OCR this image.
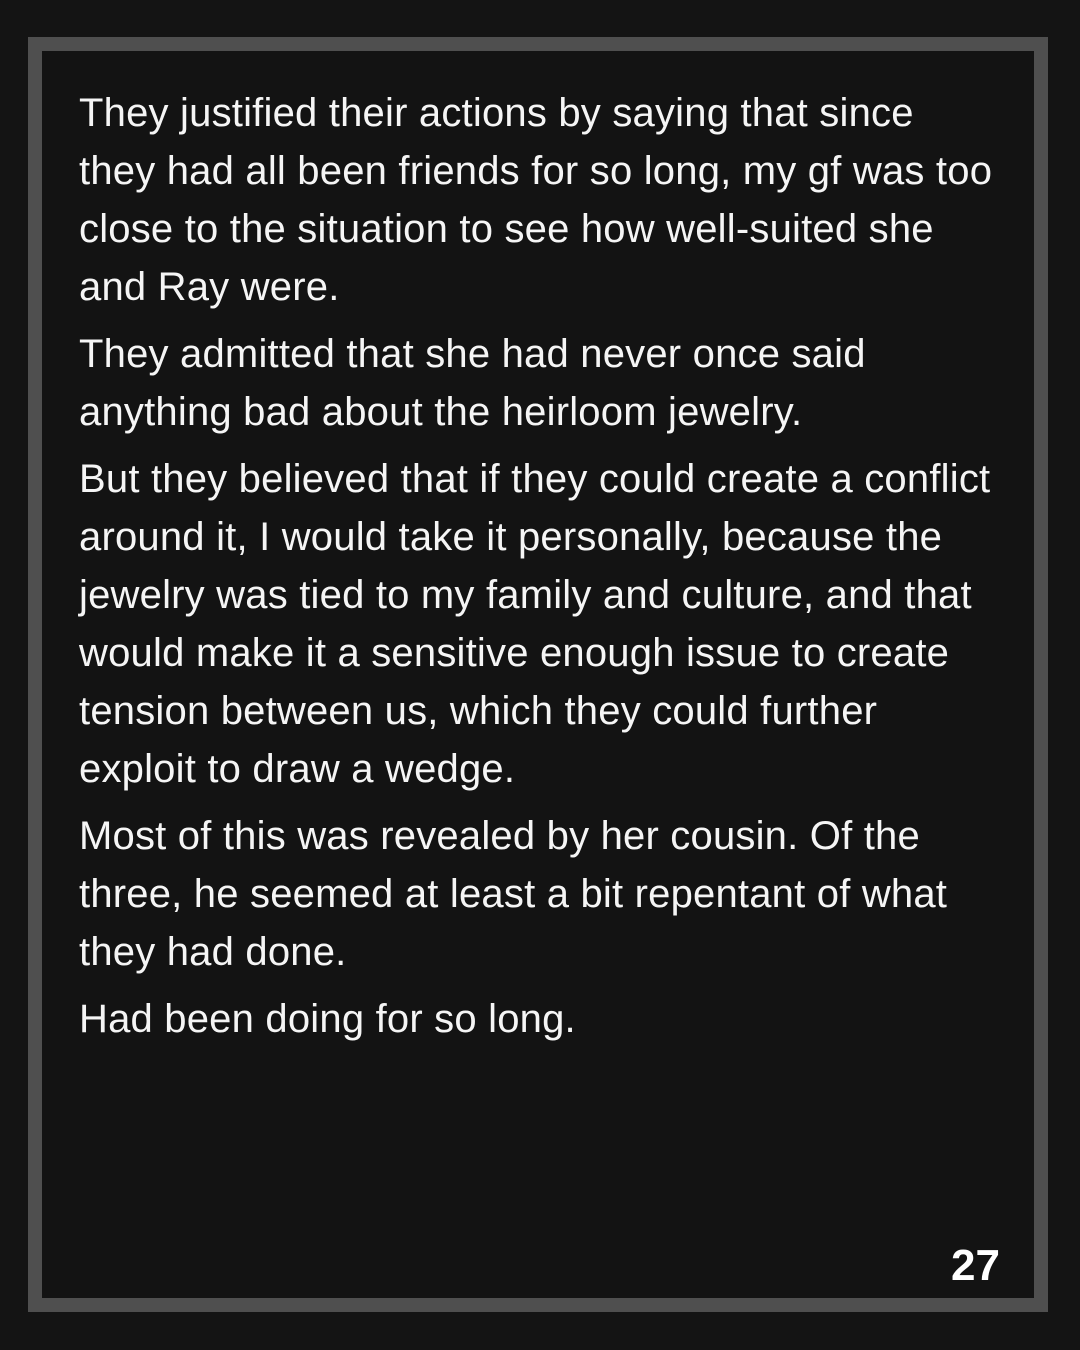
They justified their actions by saying that since they had all been friends for so long, my gf was too close to the situation to see how well-suited she and Ray were.

They admitted that she had never once said anything bad about the heirloom jewelry.

But they believed that if they could create a conflict around it, I would take it personally, because the jewelry was tied to my family and culture, and that would make it a sensitive enough issue to create tension between us, which they could further exploit to draw a wedge.

Most of this was revealed by her cousin. Of the three, he seemed at least a bit repentant of what they had done.

Had been doing for so long.

27
